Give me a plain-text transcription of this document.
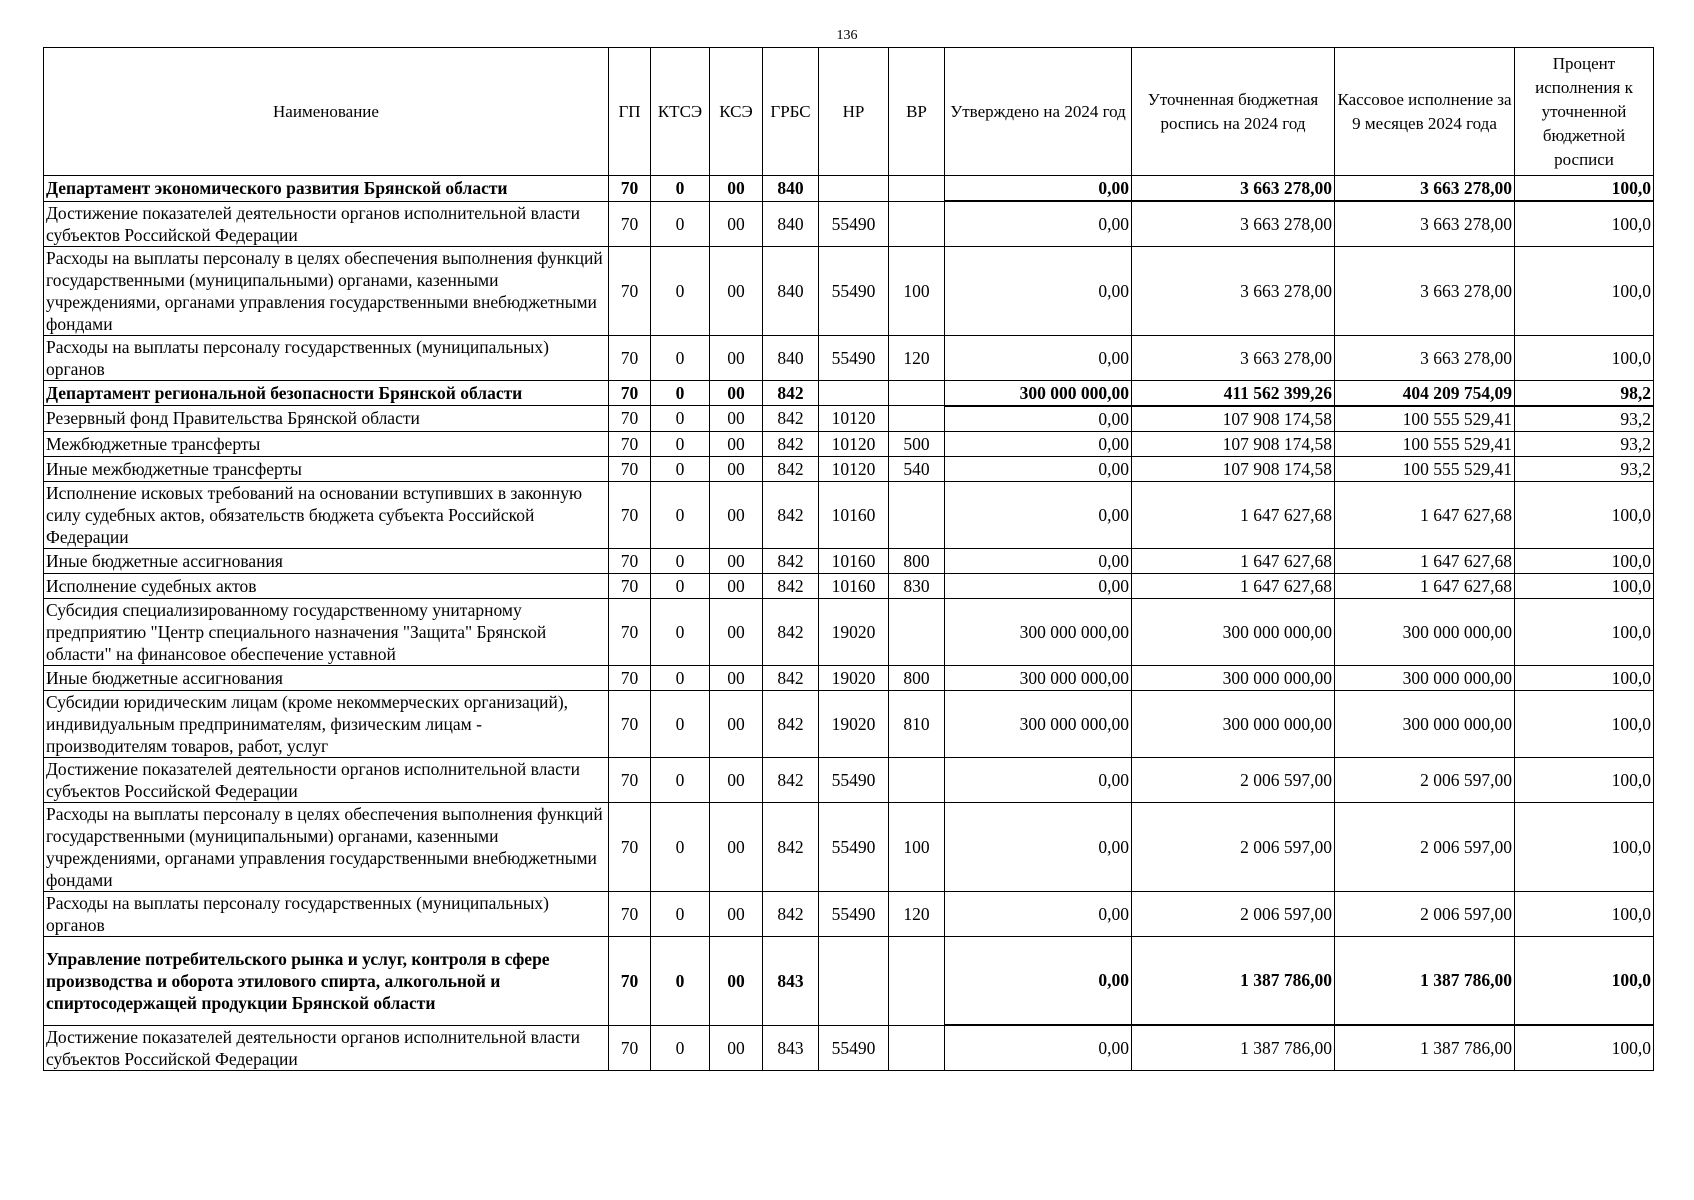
136
Наименование	ГП	КТСЭ	КСЭ	ГРБС	НР	ВР	Утверждено на 2024 год	Уточненная бюджетная роспись на 2024 год	Кассовое исполнение за 9 месяцев 2024 года	Процент исполнения к уточненной бюджетной росписи
Департамент экономического развития Брянской области	70	0	00	840			0,00	3 663 278,00	3 663 278,00	100,0
Достижение показателей деятельности органов исполнительной власти субъектов Российской Федерации	70	0	00	840	55490		0,00	3 663 278,00	3 663 278,00	100,0
Расходы на выплаты персоналу в целях обеспечения выполнения функций государственными (муниципальными) органами, казенными учреждениями, органами управления государственными внебюджетными фондами	70	0	00	840	55490	100	0,00	3 663 278,00	3 663 278,00	100,0
Расходы на выплаты персоналу государственных (муниципальных) органов	70	0	00	840	55490	120	0,00	3 663 278,00	3 663 278,00	100,0
Департамент региональной безопасности Брянской области	70	0	00	842			300 000 000,00	411 562 399,26	404 209 754,09	98,2
Резервный фонд Правительства Брянской области	70	0	00	842	10120		0,00	107 908 174,58	100 555 529,41	93,2
Межбюджетные трансферты	70	0	00	842	10120	500	0,00	107 908 174,58	100 555 529,41	93,2
Иные межбюджетные трансферты	70	0	00	842	10120	540	0,00	107 908 174,58	100 555 529,41	93,2
Исполнение исковых требований на основании вступивших в законную силу судебных актов, обязательств бюджета субъекта Российской Федерации	70	0	00	842	10160		0,00	1 647 627,68	1 647 627,68	100,0
Иные бюджетные ассигнования	70	0	00	842	10160	800	0,00	1 647 627,68	1 647 627,68	100,0
Исполнение судебных актов	70	0	00	842	10160	830	0,00	1 647 627,68	1 647 627,68	100,0
Субсидия специализированному государственному унитарному предприятию "Центр специального назначения "Защита" Брянской области" на финансовое обеспечение уставной	70	0	00	842	19020		300 000 000,00	300 000 000,00	300 000 000,00	100,0
Иные бюджетные ассигнования	70	0	00	842	19020	800	300 000 000,00	300 000 000,00	300 000 000,00	100,0
Субсидии юридическим лицам (кроме некоммерческих организаций), индивидуальным предпринимателям, физическим лицам - производителям товаров, работ, услуг	70	0	00	842	19020	810	300 000 000,00	300 000 000,00	300 000 000,00	100,0
Достижение показателей деятельности органов исполнительной власти субъектов Российской Федерации	70	0	00	842	55490		0,00	2 006 597,00	2 006 597,00	100,0
Расходы на выплаты персоналу в целях обеспечения выполнения функций государственными (муниципальными) органами, казенными учреждениями, органами управления государственными внебюджетными фондами	70	0	00	842	55490	100	0,00	2 006 597,00	2 006 597,00	100,0
Расходы на выплаты персоналу государственных (муниципальных) органов	70	0	00	842	55490	120	0,00	2 006 597,00	2 006 597,00	100,0
Управление потребительского рынка и услуг, контроля в сфере производства и оборота этилового спирта, алкогольной и спиртосодержащей продукции Брянской области	70	0	00	843			0,00	1 387 786,00	1 387 786,00	100,0
Достижение показателей деятельности органов исполнительной власти субъектов Российской Федерации	70	0	00	843	55490		0,00	1 387 786,00	1 387 786,00	100,0
